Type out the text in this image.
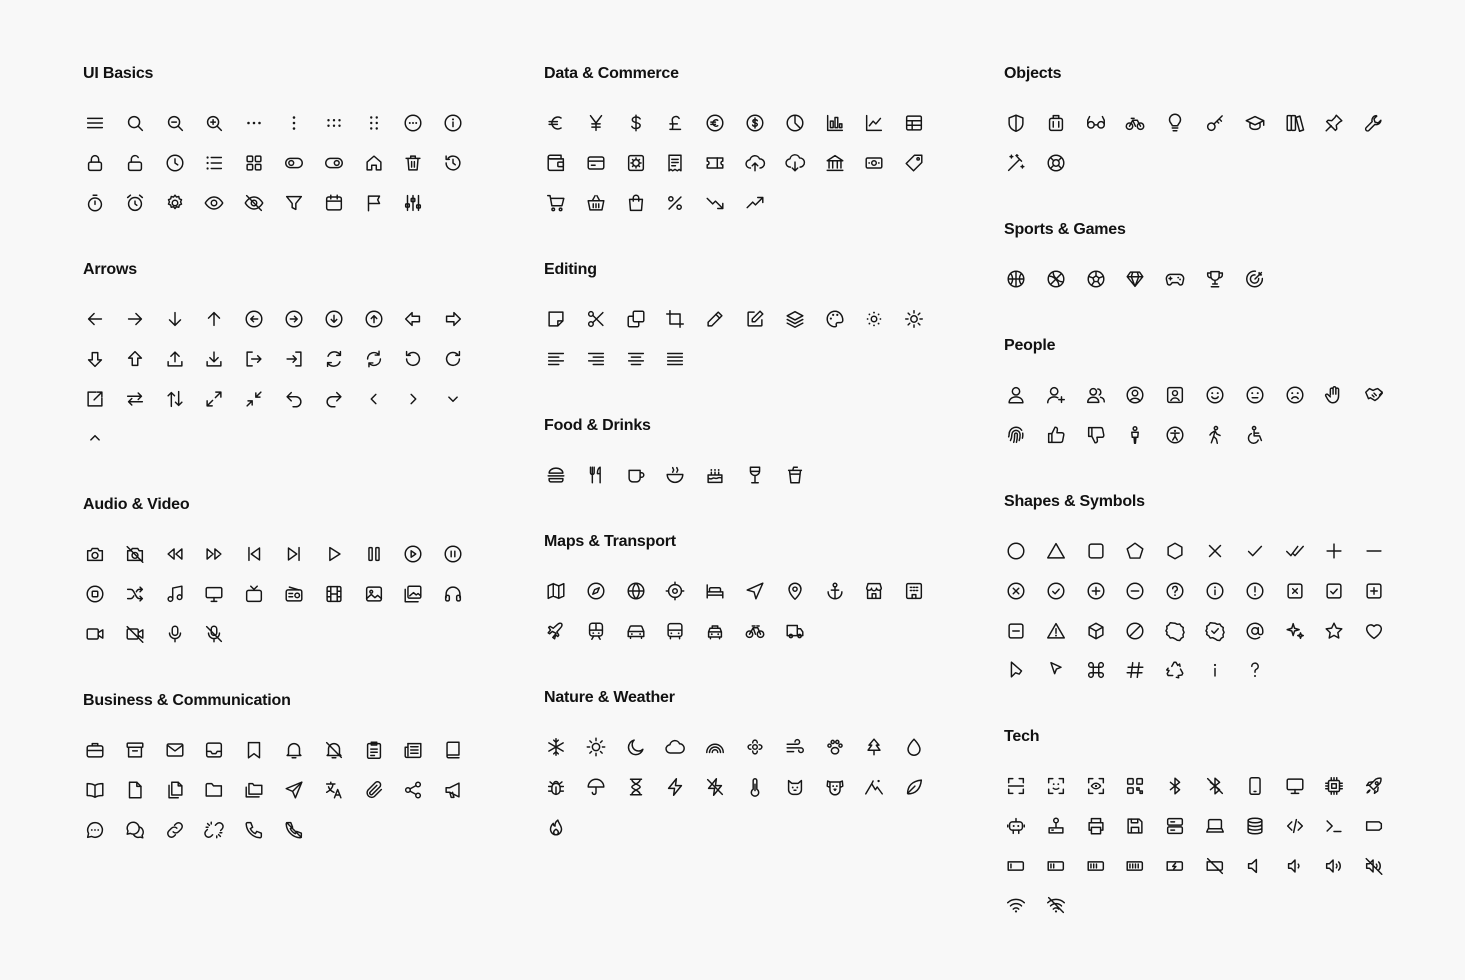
UI Basics
Arrows
Audio & Video
Business & Communication
Data & Commerce
Editing
Food & Drinks
Maps & Transport
Nature & Weather
Objects
Sports & Games
People
Shapes & Symbols
Tech
